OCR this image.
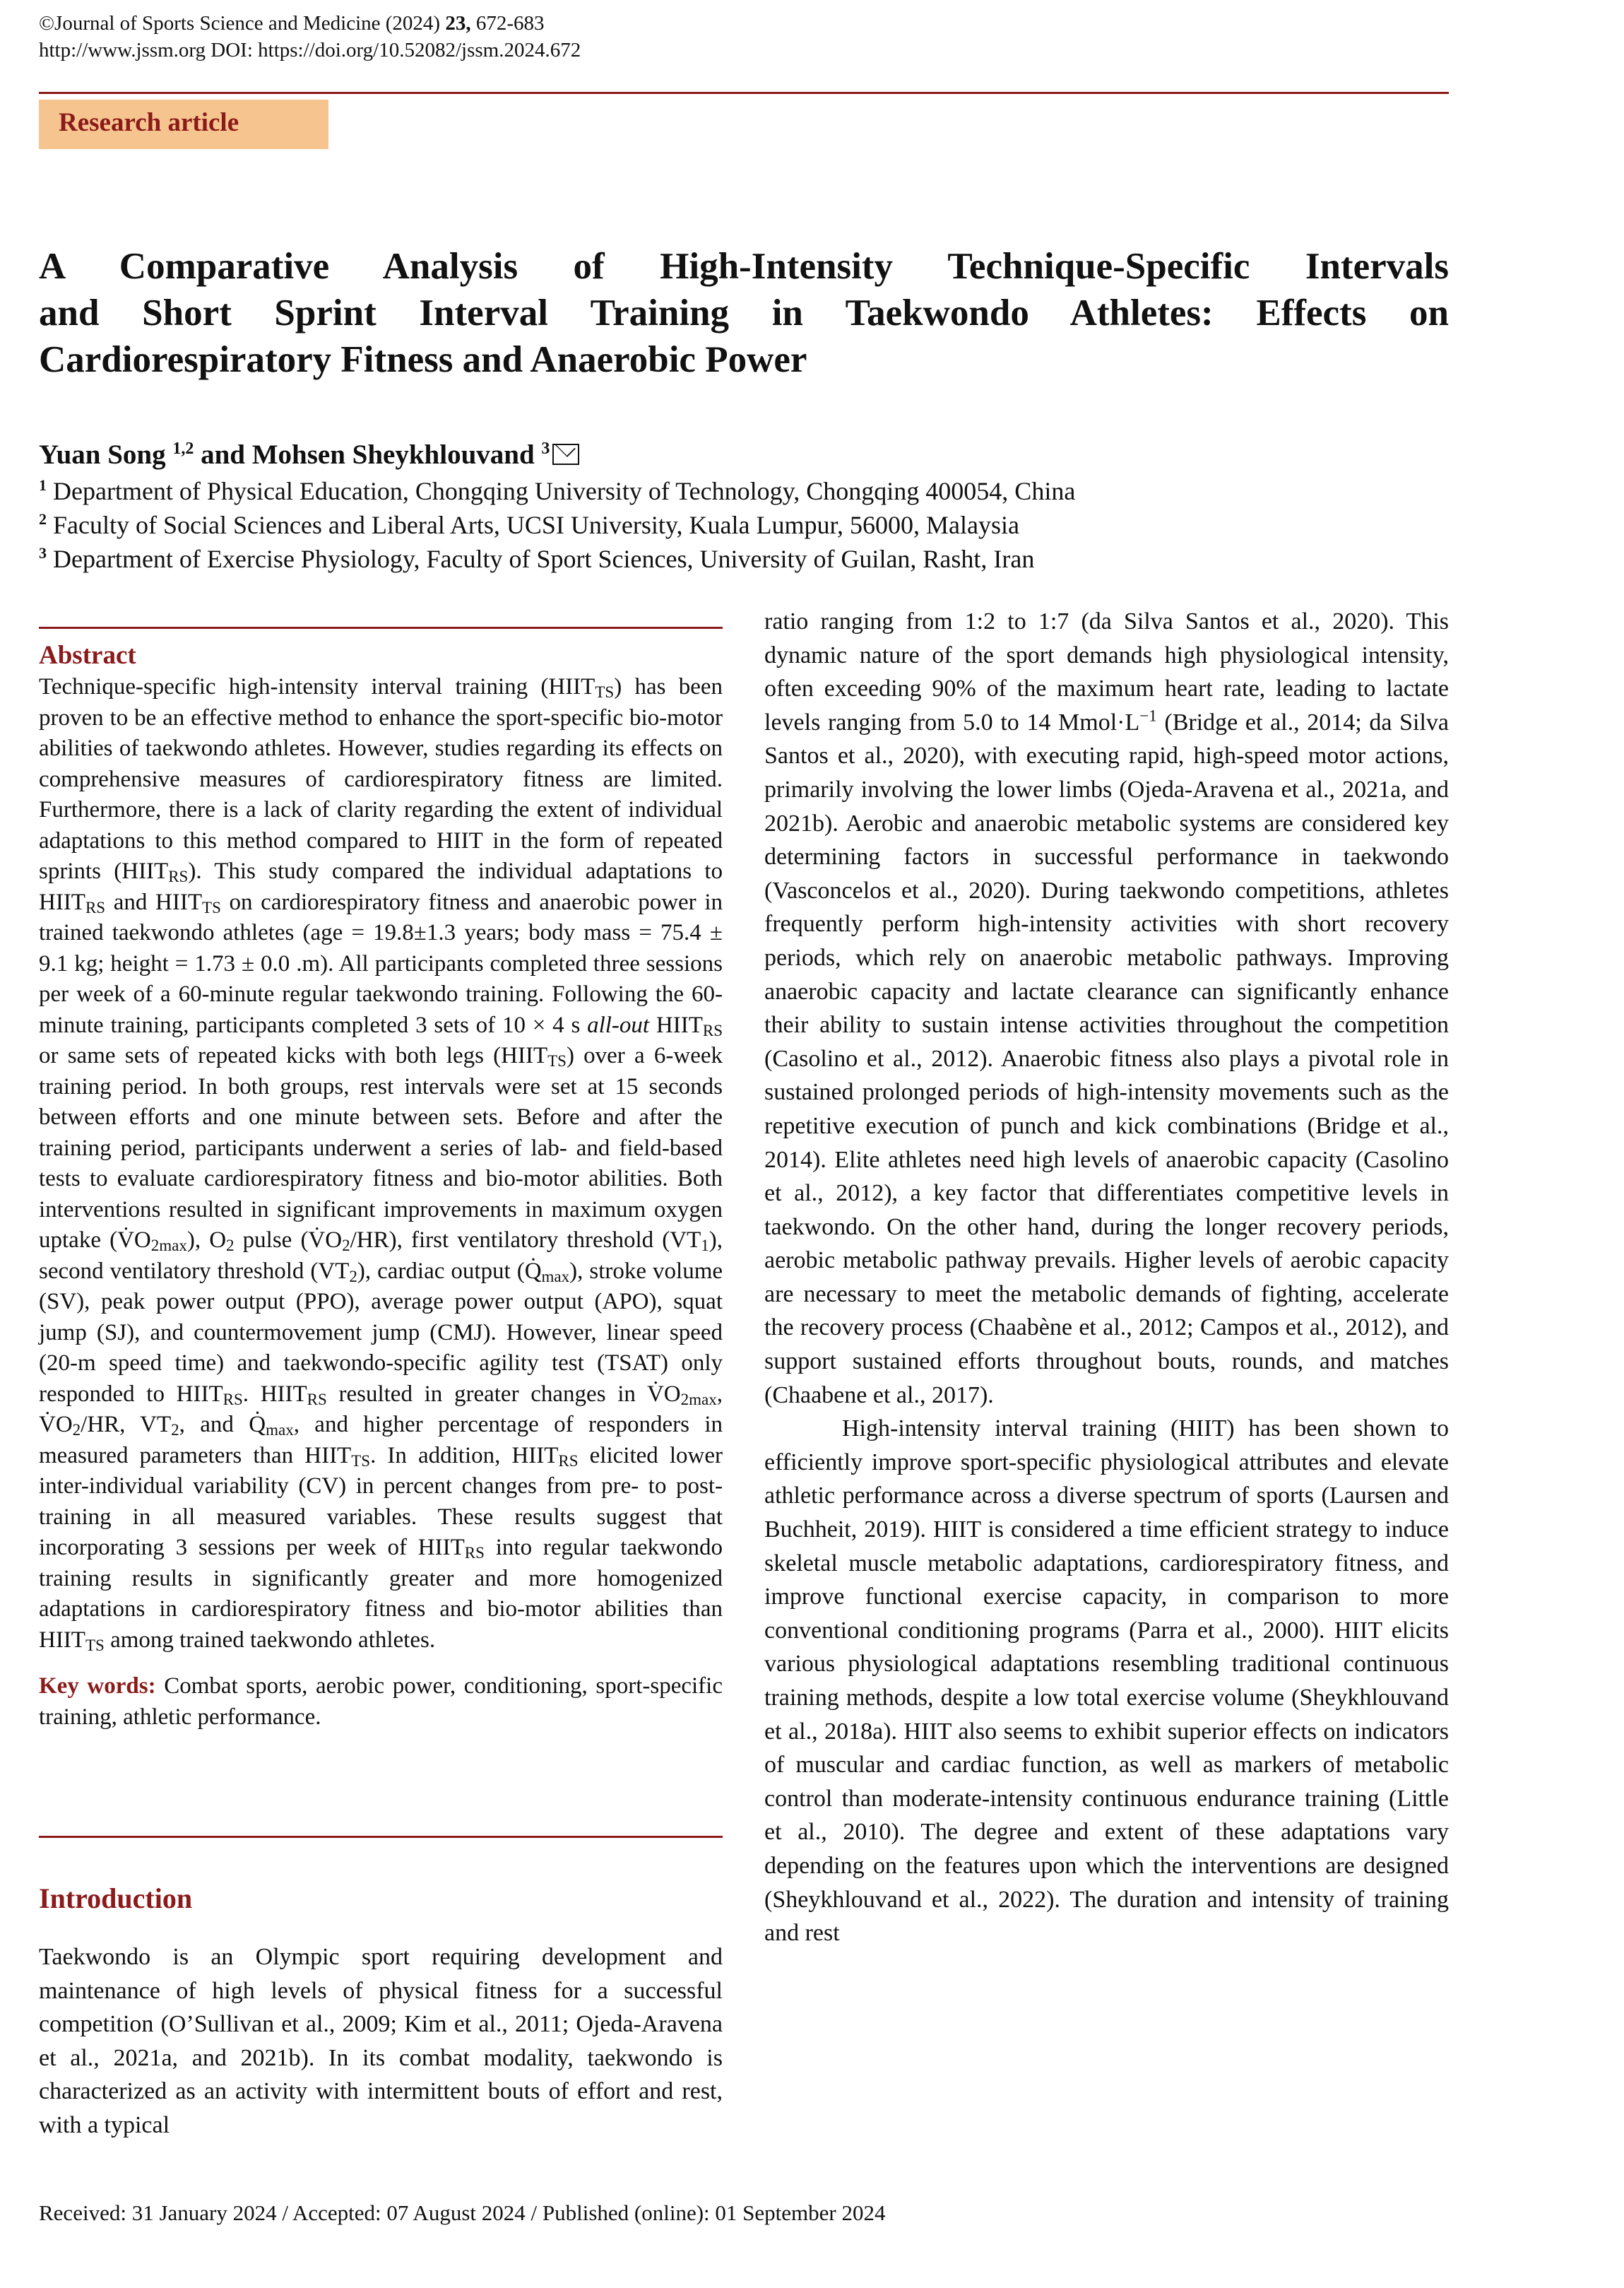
©Journal of Sports Science and Medicine (2024) 23, 672-683
http://www.jssm.org DOI: https://doi.org/10.52082/jssm.2024.672
Research article
A Comparative Analysis of High-Intensity Technique-Specific Intervals
and Short Sprint Interval Training in Taekwondo Athletes: Effects on
Cardiorespiratory Fitness and Anaerobic Power
Yuan Song $^{1,2}$ and Mohsen Sheykhlouvand $^3$
$^1$ Department of Physical Education, Chongqing University of Technology, Chongqing 400054, China
$^2$ Faculty of Social Sciences and Liberal Arts, UCSI University, Kuala Lumpur, 56000, Malaysia
$^3$ Department of Exercise Physiology, Faculty of Sport Sciences, University of Guilan, Rasht, Iran

Abstract

Technique-specific high-intensity interval training $(HIIT_{TS})$ has been proven to be an effective method to enhance the sport-specific bio-motor abilities of taekwondo athletes. However, studies regarding its effects on comprehensive measures of cardiorespiratory fitness are limited. Furthermore, there is a lack of clarity regarding the extent of individual adaptations to this method compared to HIIT in the form of repeated sprints $(HIIT_{RS})$. This study compared the individual adaptations to $HIIT_{RS}$ and $HIIT_{TS}$ on cardiorespiratory fitness and anaerobic power in trained taekwondo athletes (age = 19.8±1.3 years; body mass = 75.4 ± 9.1 kg; height = 1.73 ± 0.0 .m). All participants completed three sessions per week of a 60-minute regular taekwondo training. Following the 60-minute training, participants completed 3 sets of 10 × 4 s all-out $HIIT_{RS}$ or same sets of repeated kicks with both legs $(HIIT_{TS})$ over a 6-week training period. In both groups, rest intervals were set at 15 seconds between efforts and one minute between sets. Before and after the training period, participants underwent a series of lab- and field-based tests to evaluate cardiorespiratory fitness and bio-motor abilities. Both interventions resulted in significant improvements in maximum oxygen uptake $(V̇O_{2max})$, $O_2$ pulse $(V̇O_2/HR)$, first ventilatory threshold $(VT_1)$, second ventilatory threshold $(VT_2)$, cardiac output $(Q̇_{max})$, stroke volume (SV), peak power output (PPO), average power output (APO), squat jump (SJ), and countermovement jump (CMJ). However, linear speed (20-m speed time) and taekwondo-specific agility test (TSAT) only responded to $HIIT_{RS}$. $HIIT_{RS}$ resulted in greater changes in $V̇O_{2max}$, $V̇O_2/HR$, $VT_2$, and $Q̇_{max}$, and higher percentage of responders in measured parameters than $HIIT_{TS}$. In addition, $HIIT_{RS}$ elicited lower inter-individual variability (CV) in percent changes from pre- to post-training in all measured variables. These results suggest that incorporating 3 sessions per week of $HIIT_{RS}$ into regular taekwondo training results in significantly greater and more homogenized adaptations in cardiorespiratory fitness and bio-motor abilities than $HIIT_{TS}$ among trained taekwondo athletes.

Key words: Combat sports, aerobic power, conditioning, sport-specific training, athletic performance.

Introduction

Taekwondo is an Olympic sport requiring development and maintenance of high levels of physical fitness for a successful competition (O’Sullivan et al., 2009; Kim et al., 2011; Ojeda-Aravena et al., 2021a, and 2021b). In its combat modality, taekwondo is characterized as an activity with intermittent bouts of effort and rest, with a typical

ratio ranging from 1:2 to 1:7 (da Silva Santos et al., 2020). This dynamic nature of the sport demands high physiological intensity, often exceeding 90% of the maximum heart rate, leading to lactate levels ranging from 5.0 to 14 $Mmol\cdot L^{-1}$ (Bridge et al., 2014; da Silva Santos et al., 2020), with executing rapid, high-speed motor actions, primarily involving the lower limbs (Ojeda-Aravena et al., 2021a, and 2021b). Aerobic and anaerobic metabolic systems are considered key determining factors in successful performance in taekwondo (Vasconcelos et al., 2020). During taekwondo competitions, athletes frequently perform high-intensity activities with short recovery periods, which rely on anaerobic metabolic pathways. Improving anaerobic capacity and lactate clearance can significantly enhance their ability to sustain intense activities throughout the competition (Casolino et al., 2012). Anaerobic fitness also plays a pivotal role in sustained prolonged periods of high-intensity movements such as the repetitive execution of punch and kick combinations (Bridge et al., 2014). Elite athletes need high levels of anaerobic capacity (Casolino et al., 2012), a key factor that differentiates competitive levels in taekwondo. On the other hand, during the longer recovery periods, aerobic metabolic pathway prevails. Higher levels of aerobic capacity are necessary to meet the metabolic demands of fighting, accelerate the recovery process (Chaabène et al., 2012; Campos et al., 2012), and support sustained efforts throughout bouts, rounds, and matches (Chaabene et al., 2017).

High-intensity interval training (HIIT) has been shown to efficiently improve sport-specific physiological attributes and elevate athletic performance across a diverse spectrum of sports (Laursen and Buchheit, 2019). HIIT is considered a time efficient strategy to induce skeletal muscle metabolic adaptations, cardiorespiratory fitness, and improve functional exercise capacity, in comparison to more conventional conditioning programs (Parra et al., 2000). HIIT elicits various physiological adaptations resembling traditional continuous training methods, despite a low total exercise volume (Sheykhlouvand et al., 2018a). HIIT also seems to exhibit superior effects on indicators of muscular and cardiac function, as well as markers of metabolic control than moderate-intensity continuous endurance training (Little et al., 2010). The degree and extent of these adaptations vary depending on the features upon which the interventions are designed (Sheykhlouvand et al., 2022). The duration and intensity of training and rest

Received: 31 January 2024 / Accepted: 07 August 2024 / Published (online): 01 September 2024
